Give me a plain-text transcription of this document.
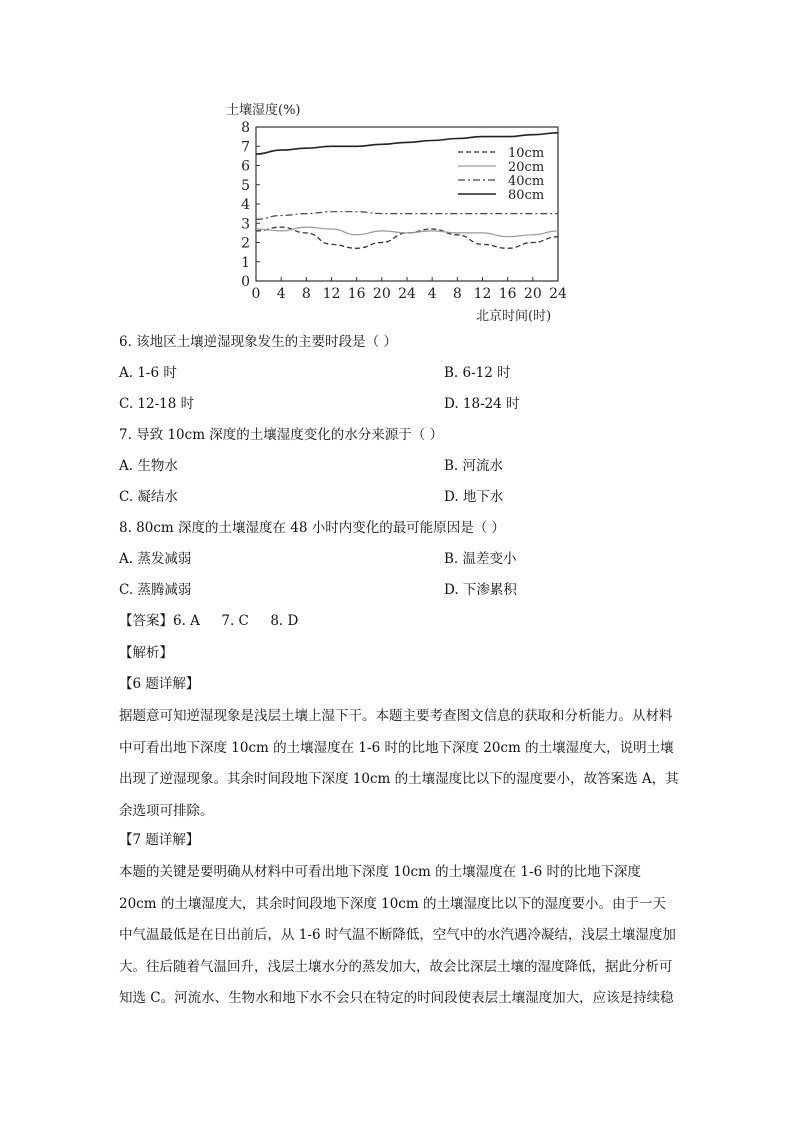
土壤湿度(%)
北京时间(时)
0
1
2
3
4
5
6
7
8
0 4 8 12 16 20 24 4 8 12 16 20 24
10cm
20cm
40cm
80cm
6. 该地区土壤逆湿现象发生的主要时段是（ ）
A. 1-6 时	B. 6-12 时
C. 12-18 时	D. 18-24 时
7. 导致 10cm 深度的土壤湿度变化的水分来源于（ ）
A. 生物水	B. 河流水
C. 凝结水	D. 地下水
8. 80cm 深度的土壤湿度在 48 小时内变化的最可能原因是（ ）
A. 蒸发减弱	B. 温差变小
C. 蒸腾减弱	D. 下渗累积
【答案】6. A     7. C     8. D
【解析】
【6 题详解】

据题意可知逆湿现象是浅层土壤上湿下干。本题主要考查图文信息的获取和分析能力。从材料中可看出地下深度 10cm 的土壤湿度在 1-6 时的比地下深度 20cm 的土壤湿度大，说明土壤出现了逆湿现象。其余时间段地下深度 10cm 的土壤湿度比以下的湿度要小，故答案选 A，其余选项可排除。

【7 题详解】

本题的关键是要明确从材料中可看出地下深度 10cm 的土壤湿度在 1-6 时的比地下深度 20cm 的土壤湿度大，其余时间段地下深度 10cm 的土壤湿度比以下的湿度要小。由于一天中气温最低是在日出前后，从 1-6 时气温不断降低，空气中的水汽遇冷凝结，浅层土壤湿度加大。往后随着气温回升，浅层土壤水分的蒸发加大，故会比深层土壤的湿度降低，据此分析可知选 C。河流水、生物水和地下水不会只在特定的时间段使表层土壤湿度加大，应该是持续稳
